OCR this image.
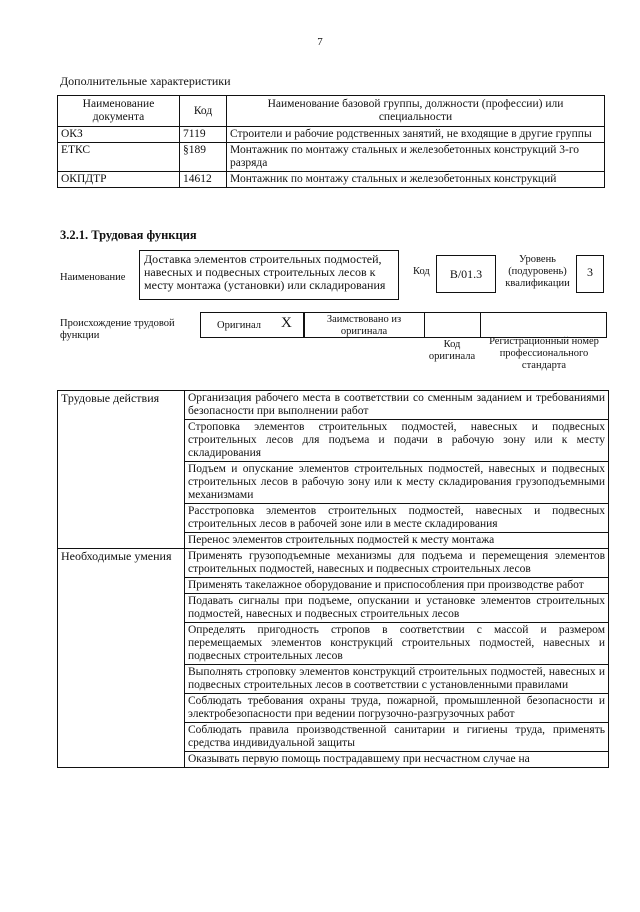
7
Дополнительные характеристики
Наименование документа	Код	Наименование базовой группы, должности (профессии) или специальности
ОКЗ	7119	Строители и рабочие родственных занятий, не входящие в другие группы
ЕТКС	§189	Монтажник по монтажу стальных и железобетонных конструкций 3-го разряда
ОКПДТР	14612	Монтажник по монтажу стальных и железобетонных конструкций
3.2.1. Трудовая функция
Наименование
Доставка элементов строительных подмостей, навесных и подвесных строительных лесов к месту монтажа (установки) или складирования
Код	B/01.3
Уровень (подуровень) квалификации
3
Происхождение трудовой функции
Оригинал X	Заимствовано из оригинала
Код оригинала
Регистрационный номер профессионального стандарта
Трудовые действия	Организация рабочего места в соответствии со сменным заданием и требованиями безопасности при выполнении работ
	Строповка элементов строительных подмостей, навесных и подвесных строительных лесов для подъема и подачи в рабочую зону или к месту складирования
	Подъем и опускание элементов строительных подмостей, навесных и подвесных строительных лесов в рабочую зону или к месту складирования грузоподъемными механизмами
	Расстроповка элементов строительных подмостей, навесных и подвесных строительных лесов в рабочей зоне или в месте складирования
	Перенос элементов строительных подмостей к месту монтажа
Необходимые умения	Применять грузоподъемные механизмы для подъема и перемещения элементов строительных подмостей, навесных и подвесных строительных лесов
	Применять такелажное оборудование и приспособления при производстве работ
	Подавать сигналы при подъеме, опускании и установке элементов строительных подмостей, навесных и подвесных строительных лесов
	Определять пригодность стропов в соответствии с массой и размером перемещаемых элементов конструкций строительных подмостей, навесных и подвесных строительных лесов
	Выполнять строповку элементов конструкций строительных подмостей, навесных и подвесных строительных лесов в соответствии с установленными правилами
	Соблюдать требования охраны труда, пожарной, промышленной безопасности и электробезопасности при ведении погрузочно-разгрузочных работ
	Соблюдать правила производственной санитарии и гигиены труда, применять средства индивидуальной защиты
	Оказывать первую помощь пострадавшему при несчастном случае на
